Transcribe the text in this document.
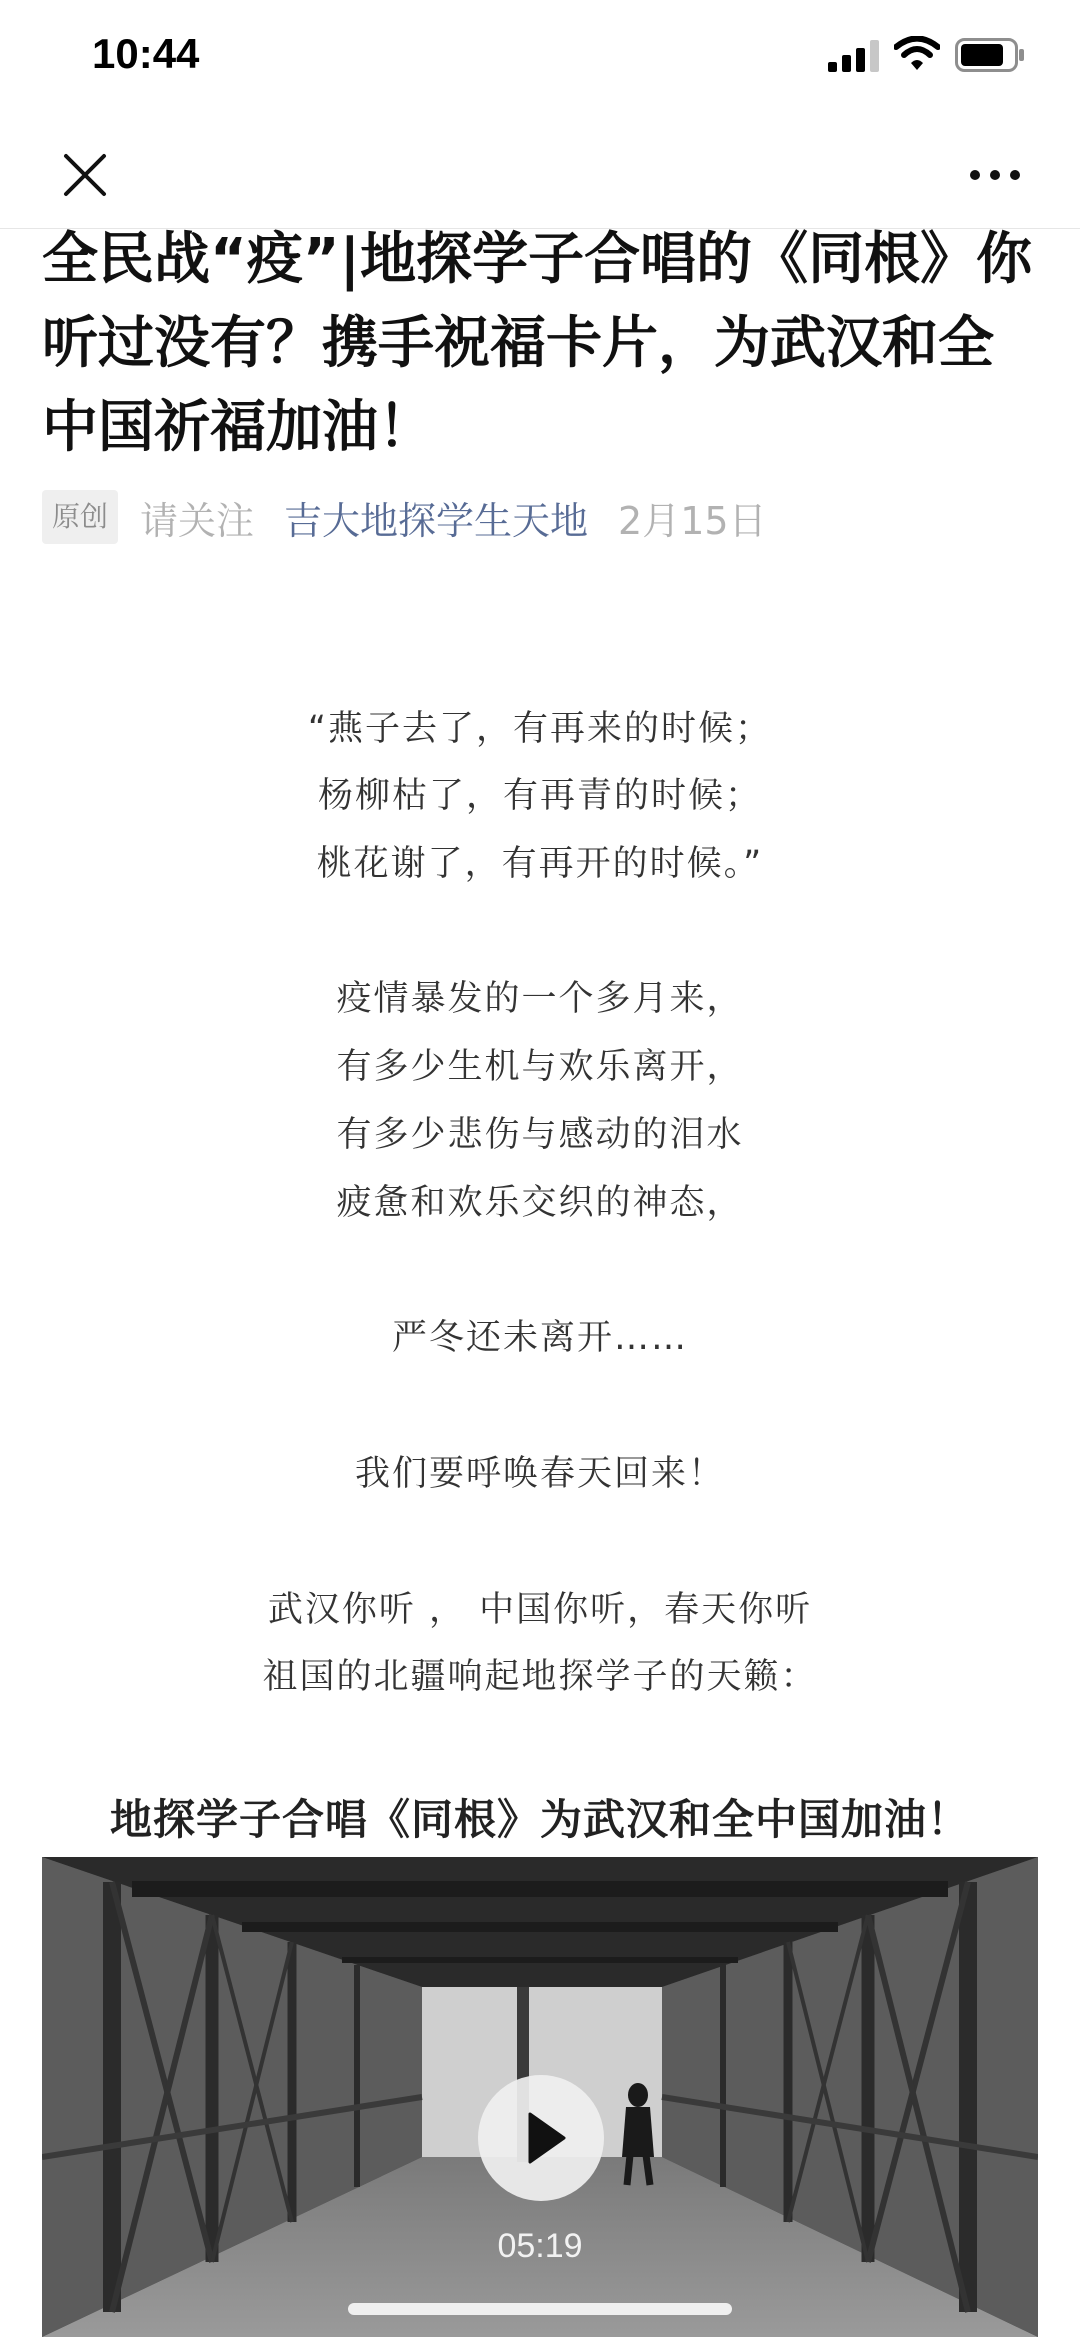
10:44
全民战“疫”|地探学子合唱的《同根》你听过没有？携手祝福卡片，为武汉和全中国祈福加油！
原创 请关注 吉大地探学生天地 2月15日
“燕子去了，有再来的时候；
杨柳枯了，有再青的时候；
桃花谢了，有再开的时候。”
疫情暴发的一个多月来，
有多少生机与欢乐离开，
有多少悲伤与感动的泪水
疲惫和欢乐交织的神态，
严冬还未离开……
我们要呼唤春天回来！
武汉你听 ， 中国你听，春天你听
祖国的北疆响起地探学子的天籁：
地探学子合唱《同根》为武汉和全中国加油！
05:19
